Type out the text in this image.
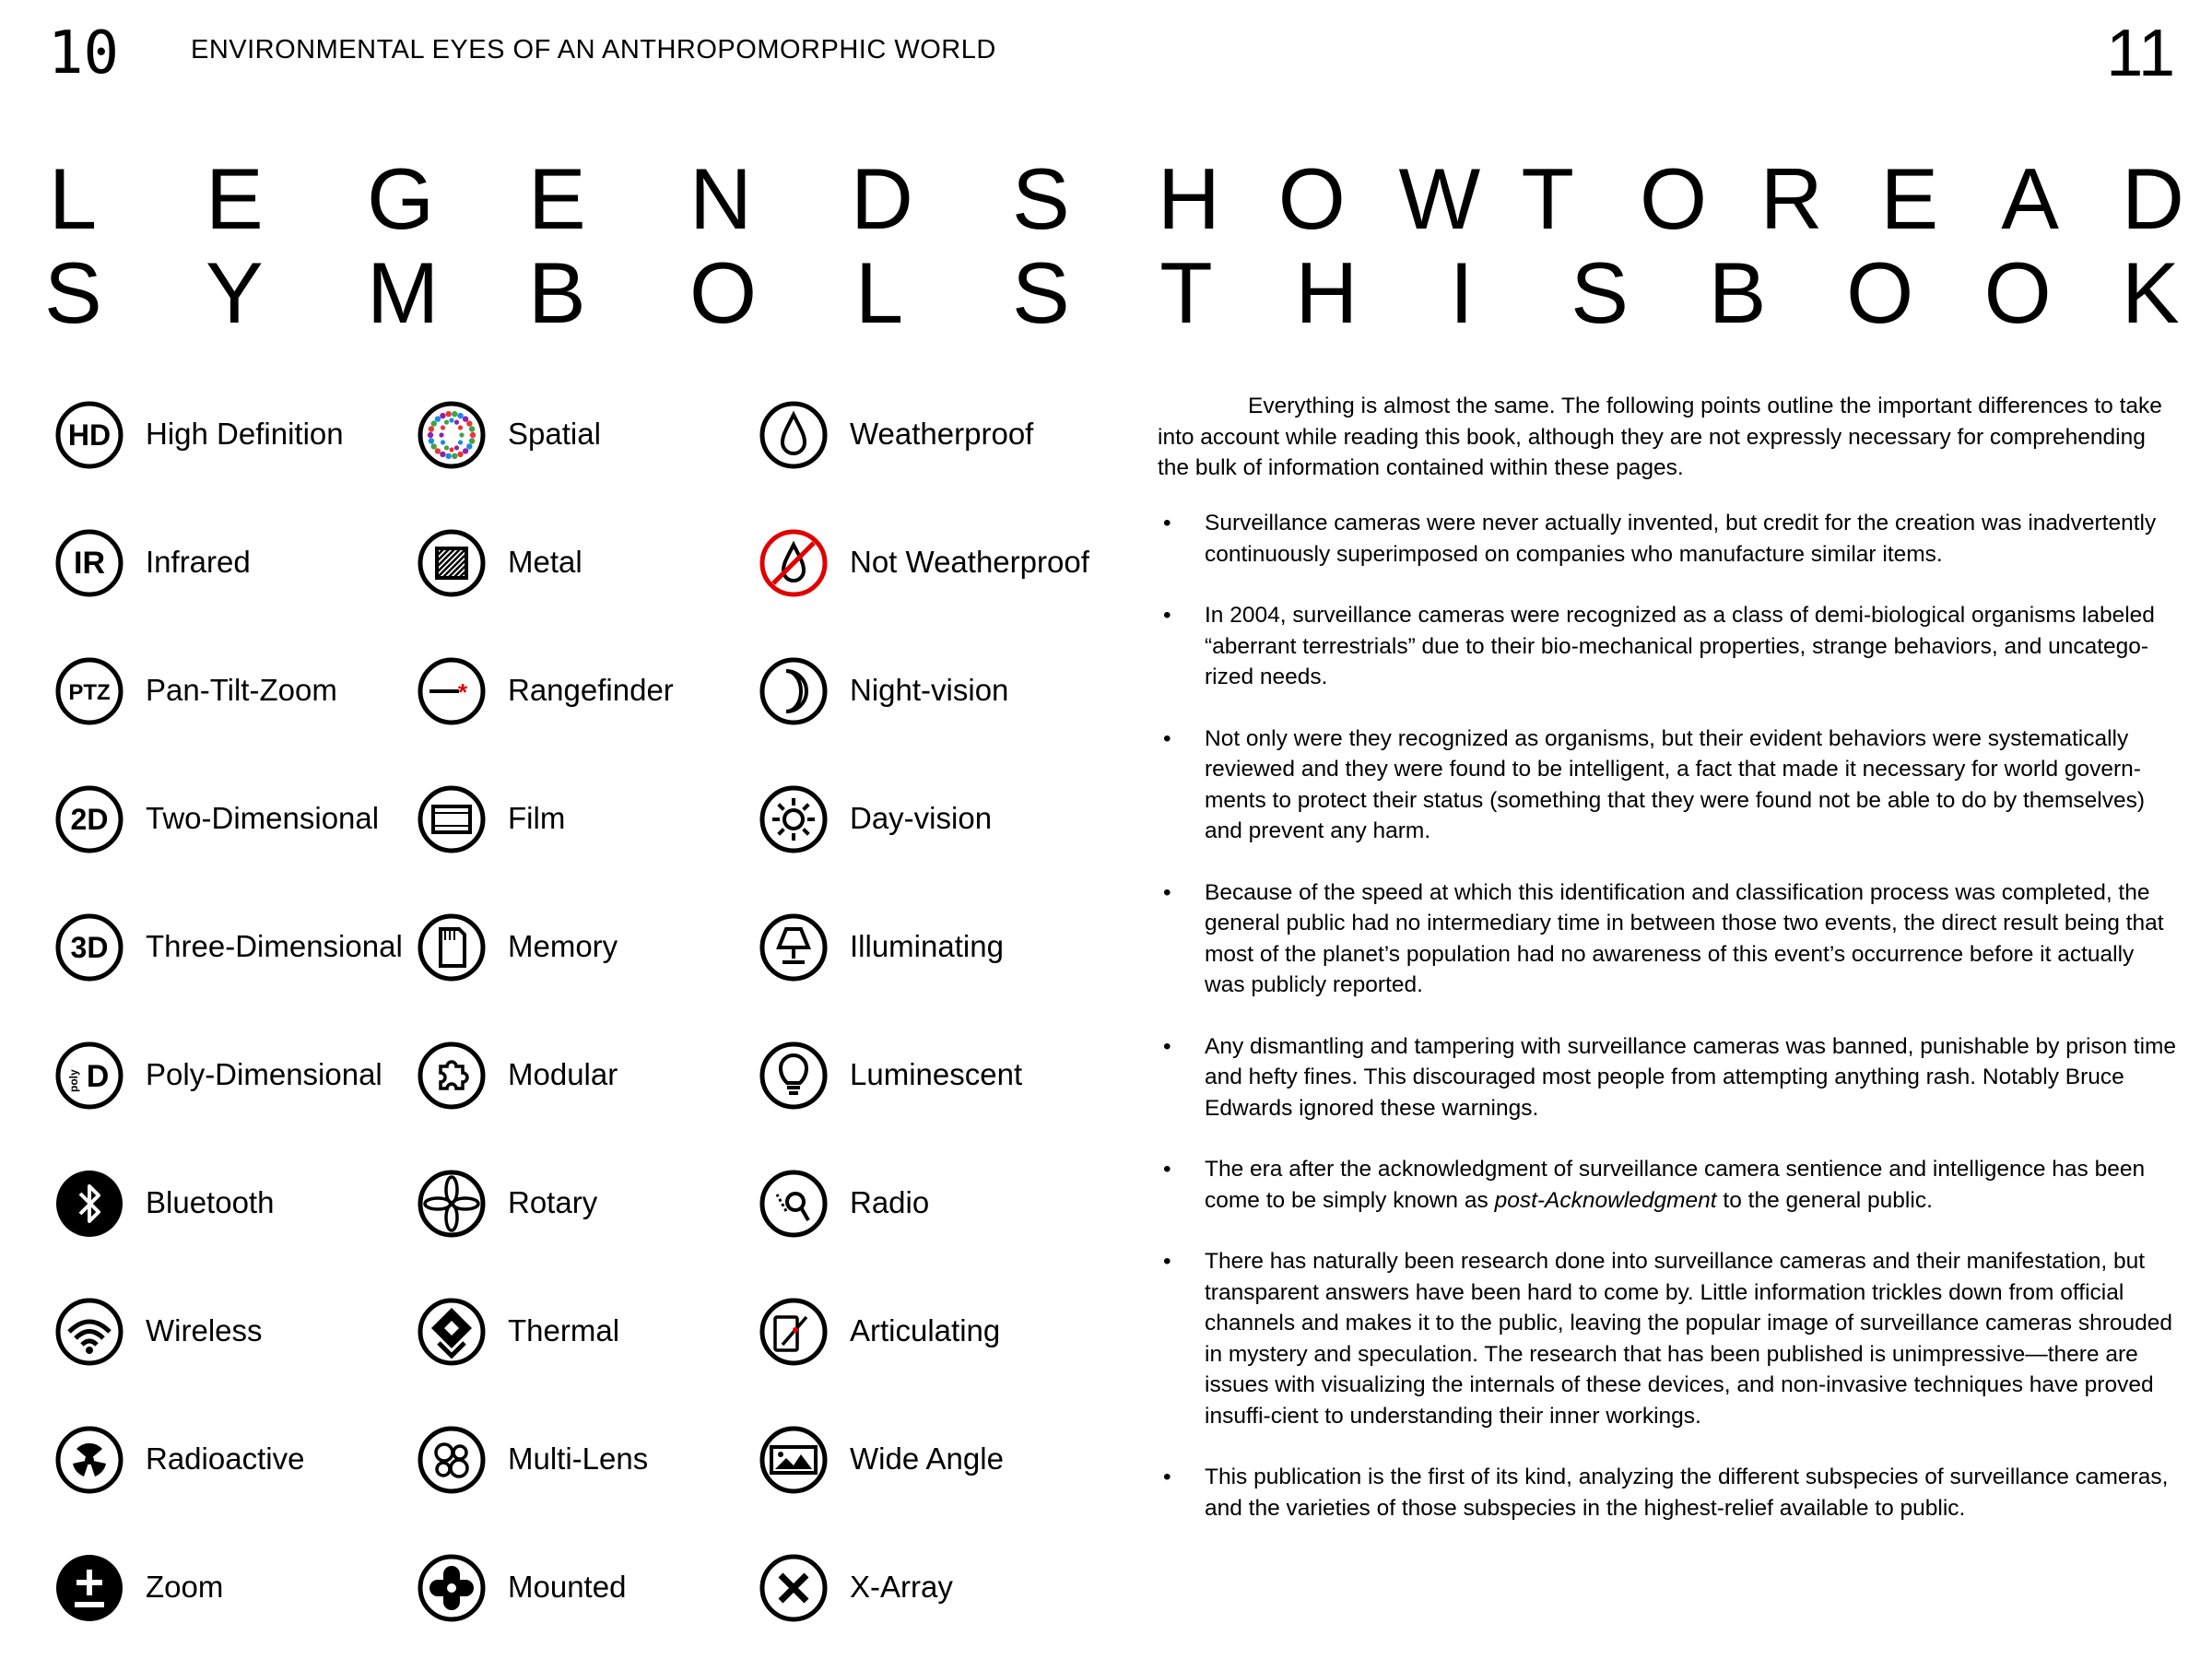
10	ENVIRONMENTAL EYES OF AN ANTHROPOMORPHIC WORLD	11
L E G E N D S
S Y M B O L S
H O W T O R E A D
T H I S B O O K
HD High Definition
IR Infrared
PTZ Pan-Tilt-Zoom
2D Two-Dimensional
3D Three-Dimensional
D
poly Poly-Dimensional
Bluetooth
Wireless
Radioactive
Zoom
Spatial
Metal
* Rangefinder
Film
Memory
Modular
Rotary
Thermal
Multi-Lens
Mounted
Weatherproof
Not Weatherproof
Night-vision
Day-vision
Illuminating
Luminescent
Radio
Articulating
Wide Angle
X-Array
Everything is almost the same. The following points outline the important differences to take into account while reading this book, although they are not expressly necessary for comprehending the bulk of information contained within these pages.
• Surveillance cameras were never actually invented, but credit for the creation was inadvertently continuously superimposed on companies who manufacture similar items.
• In 2004, surveillance cameras were recognized as a class of demi-biological organisms labeled “aberrant terrestrials” due to their bio-mechanical properties, strange behaviors, and uncatego-rized needs.
• Not only were they recognized as organisms, but their evident behaviors were systematically reviewed and they were found to be intelligent, a fact that made it necessary for world govern-ments to protect their status (something that they were found not be able to do by themselves) and prevent any harm.
• Because of the speed at which this identification and classification process was completed, the general public had no intermediary time in between those two events, the direct result being that most of the planet’s population had no awareness of this event’s occurrence before it actually was publicly reported.
• Any dismantling and tampering with surveillance cameras was banned, punishable by prison time and hefty fines. This discouraged most people from attempting anything rash. Notably Bruce Edwards ignored these warnings.
• The era after the acknowledgment of surveillance camera sentience and intelligence has been come to be simply known as post-Acknowledgment to the general public.
• There has naturally been research done into surveillance cameras and their manifestation, but transparent answers have been hard to come by. Little information trickles down from official channels and makes it to the public, leaving the popular image of surveillance cameras shrouded in mystery and speculation. The research that has been published is unimpressive—there are issues with visualizing the internals of these devices, and non-invasive techniques have proved insuffi-cient to understanding their inner workings.
• This publication is the first of its kind, analyzing the different subspecies of surveillance cameras, and the varieties of those subspecies in the highest-relief available to public.
